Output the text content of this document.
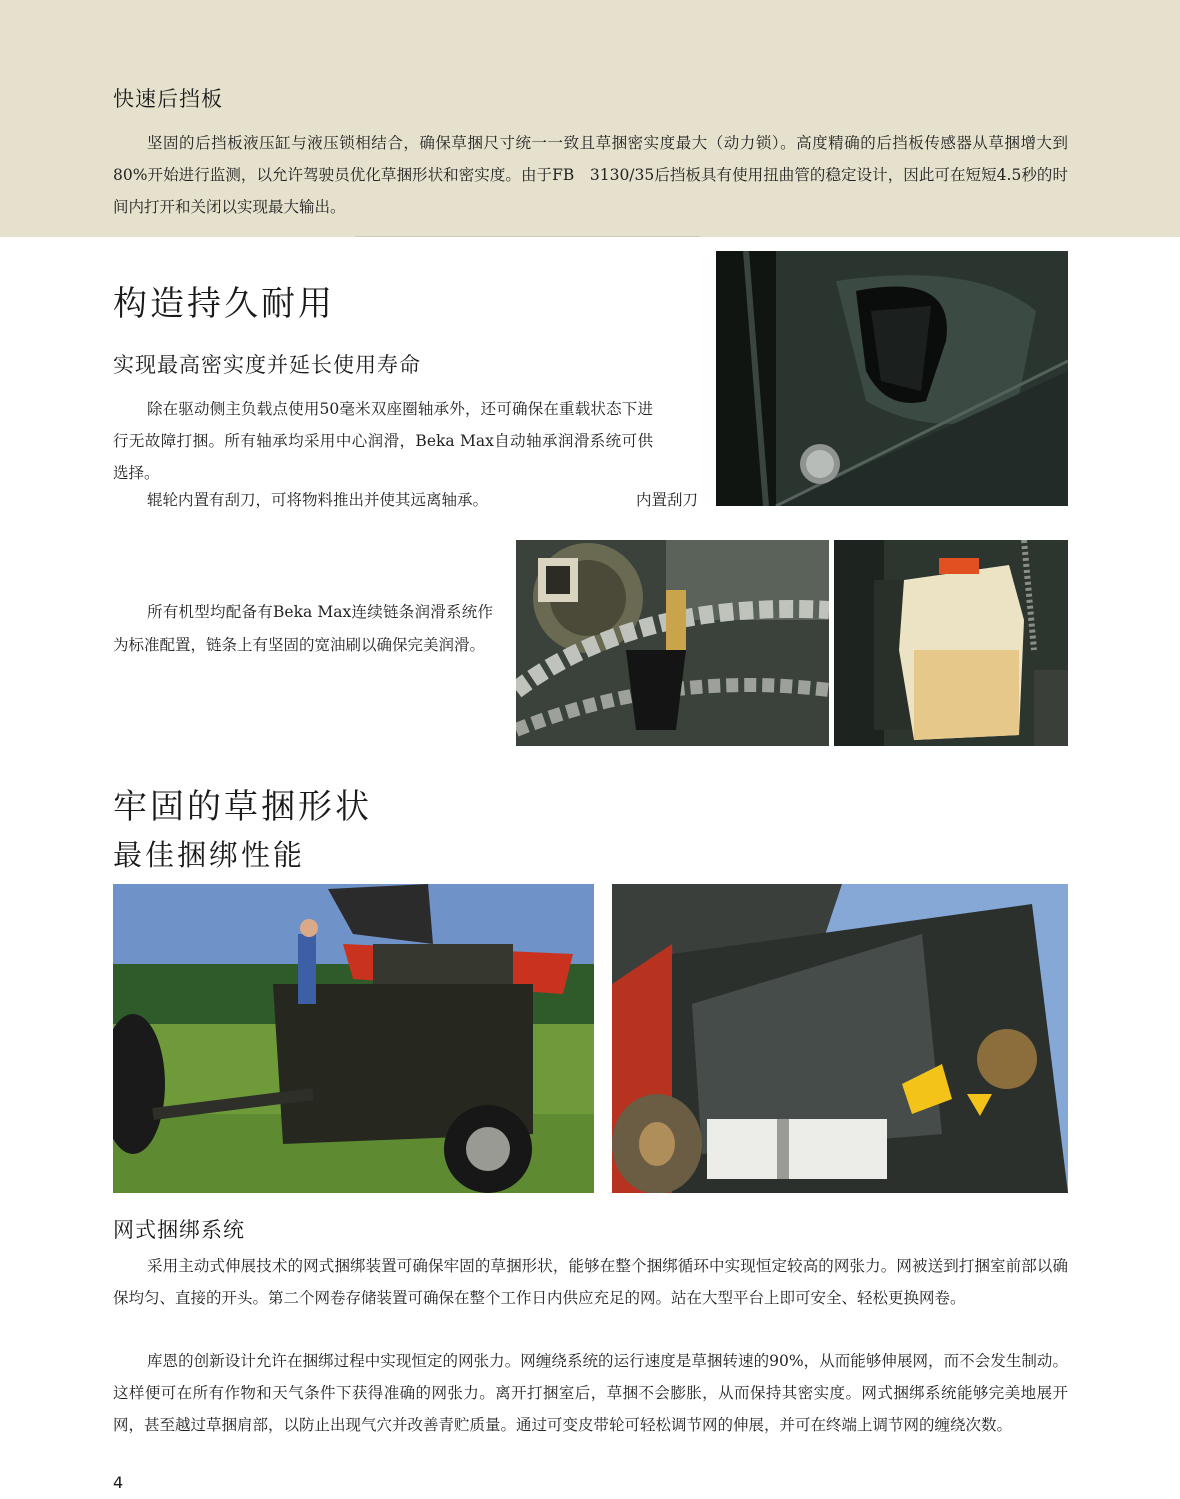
快速后挡板

坚固的后挡板液压缸与液压锁相结合，确保草捆尺寸统一一致且草捆密实度最大（动力锁）。高度精确的后挡板传感器从草捆增大到80%开始进行监测，以允许驾驶员优化草捆形状和密实度。由于FB　3130/35后挡板具有使用扭曲管的稳定设计，因此可在短短4.5秒的时间内打开和关闭以实现最大输出。

构造持久耐用
实现最高密实度并延长使用寿命

除在驱动侧主负载点使用50毫米双座圈轴承外，还可确保在重载状态下进行无故障打捆。所有轴承均采用中心润滑，Beka Max自动轴承润滑系统可供选择。

辊轮内置有刮刀，可将物料推出并使其远离轴承。	内置刮刀

所有机型均配备有Beka Max连续链条润滑系统作为标准配置，链条上有坚固的宽油刷以确保完美润滑。

牢固的草捆形状
最佳捆绑性能
网式捆绑系统

采用主动式伸展技术的网式捆绑装置可确保牢固的草捆形状，能够在整个捆绑循环中实现恒定较高的网张力。网被送到打捆室前部以确保均匀、直接的开头。第二个网卷存储装置可确保在整个工作日内供应充足的网。站在大型平台上即可安全、轻松更换网卷。

库恩的创新设计允许在捆绑过程中实现恒定的网张力。网缠绕系统的运行速度是草捆转速的90%，从而能够伸展网，而不会发生制动。这样便可在所有作物和天气条件下获得准确的网张力。离开打捆室后，草捆不会膨胀，从而保持其密实度。网式捆绑系统能够完美地展开网，甚至越过草捆肩部，以防止出现气穴并改善青贮质量。通过可变皮带轮可轻松调节网的伸展，并可在终端上调节网的缠绕次数。

4
